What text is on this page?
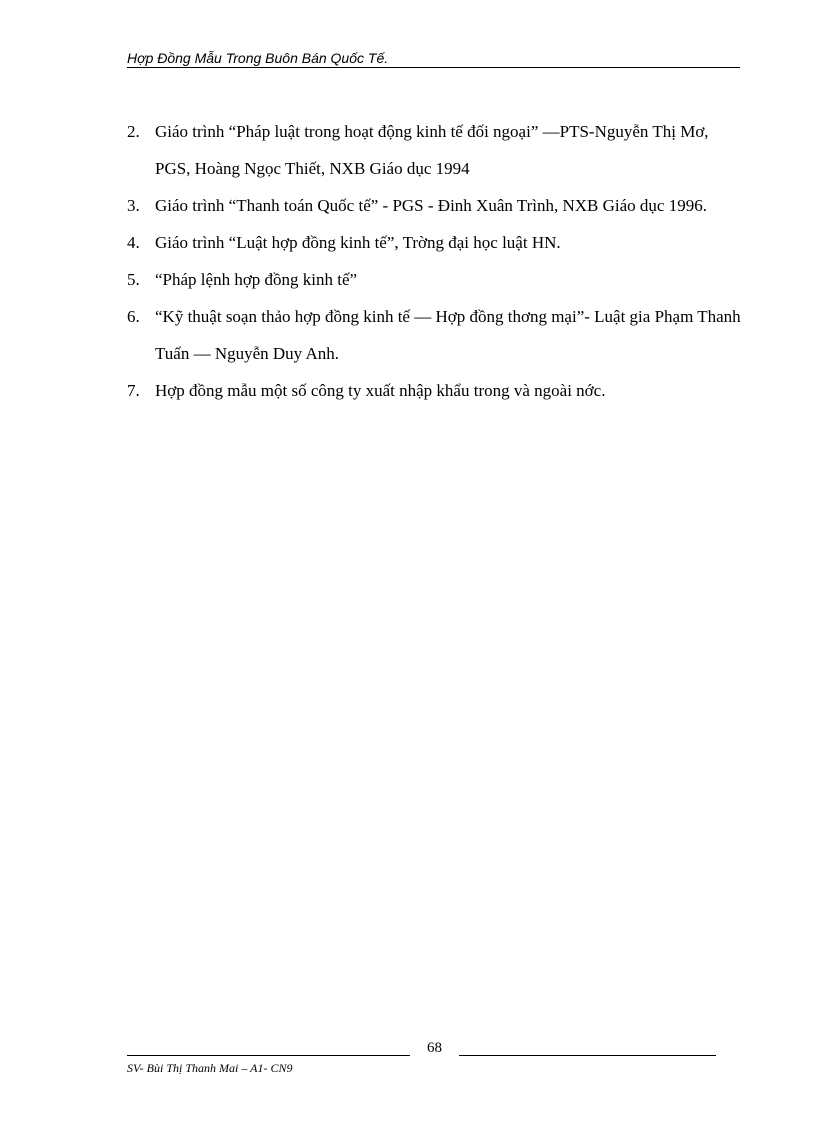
Hợp Đồng Mẫu Trong Buôn Bán Quốc Tế.
2. Giáo trình “Pháp luật trong hoạt động kinh tế đối ngoại” —PTS-Nguyễn Thị Mơ, PGS, Hoàng Ngọc Thiết, NXB Giáo dục 1994
3. Giáo trình “Thanh toán Quốc tế” - PGS - Đinh Xuân Trình, NXB Giáo dục 1996.
4. Giáo trình “Luật hợp đồng kinh tế”, Trờng đại học luật HN.
5. “Pháp lệnh hợp đồng kinh tế”
6. “Kỹ thuật soạn thảo hợp đồng kinh tế — Hợp đồng thơng mại”- Luật gia Phạm Thanh Tuấn — Nguyễn Duy Anh.
7. Hợp đồng mẫu một số công ty xuất nhập khẩu trong và ngoài nớc.
68
SV- Bùi Thị Thanh Mai – A1- CN9
